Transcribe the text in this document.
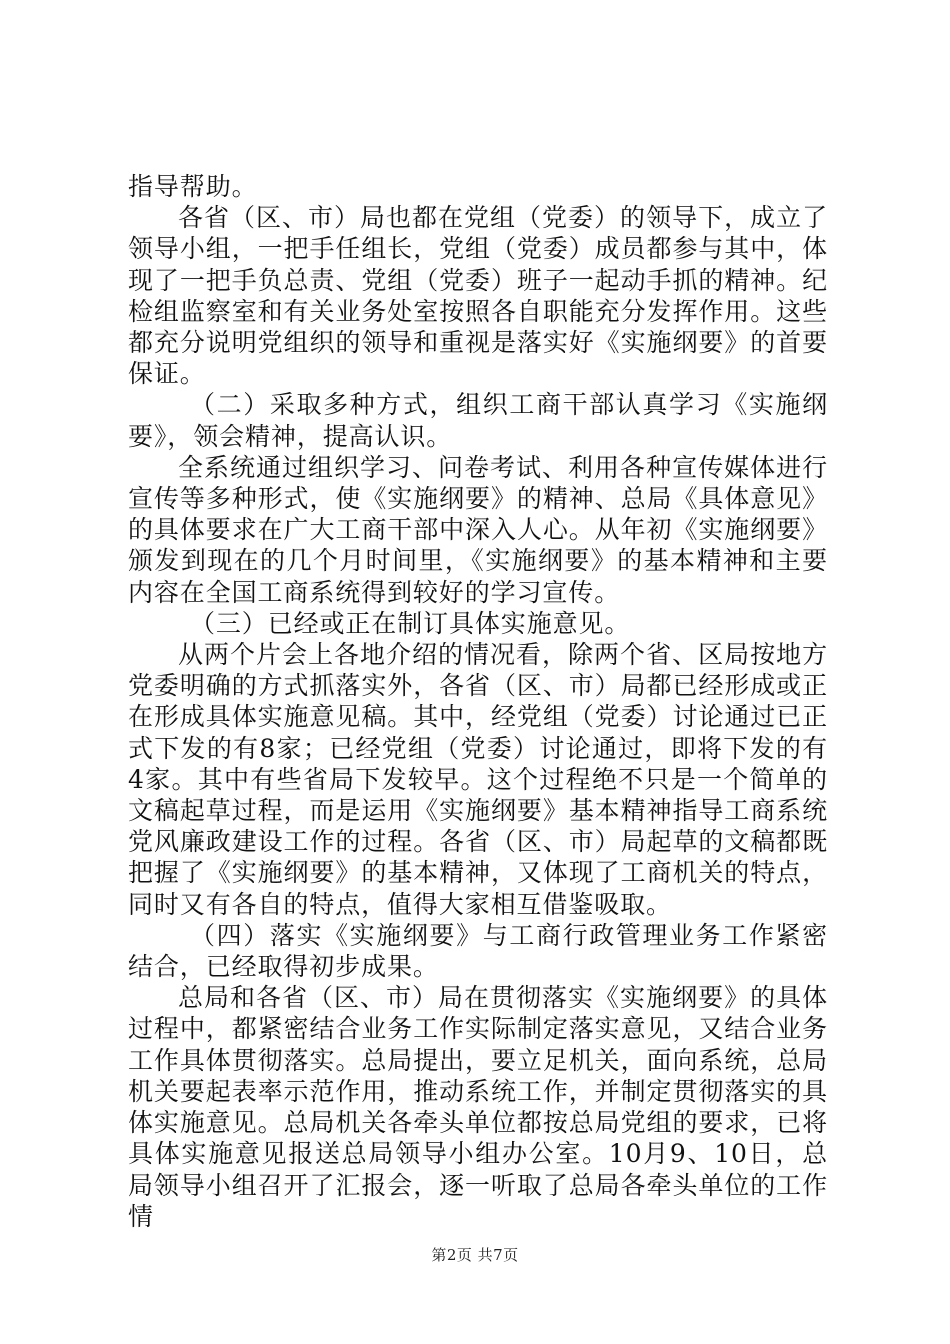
指导帮助。

各省（区、市）局也都在党组（党委）的领导下，成立了领导小组，一把手任组长，党组（党委）成员都参与其中，体现了一把手负总责、党组（党委）班子一起动手抓的精神。纪检组监察室和有关业务处室按照各自职能充分发挥作用。这些都充分说明党组织的领导和重视是落实好《实施纲要》的首要保证。

（二）采取多种方式，组织工商干部认真学习《实施纲要》，领会精神，提高认识。

全系统通过组织学习、问卷考试、利用各种宣传媒体进行宣传等多种形式，使《实施纲要》的精神、总局《具体意见》的具体要求在广大工商干部中深入人心。从年初《实施纲要》颁发到现在的几个月时间里，《实施纲要》的基本精神和主要内容在全国工商系统得到较好的学习宣传。

（三）已经或正在制订具体实施意见。

从两个片会上各地介绍的情况看，除两个省、区局按地方党委明确的方式抓落实外，各省（区、市）局都已经形成或正在形成具体实施意见稿。其中，经党组（党委）讨论通过已正式下发的有8家；已经党组（党委）讨论通过，即将下发的有4家。其中有些省局下发较早。这个过程绝不只是一个简单的文稿起草过程，而是运用《实施纲要》基本精神指导工商系统党风廉政建设工作的过程。各省（区、市）局起草的文稿都既把握了《实施纲要》的基本精神，又体现了工商机关的特点，同时又有各自的特点，值得大家相互借鉴吸取。

（四）落实《实施纲要》与工商行政管理业务工作紧密结合，已经取得初步成果。

总局和各省（区、市）局在贯彻落实《实施纲要》的具体过程中，都紧密结合业务工作实际制定落实意见，又结合业务工作具体贯彻落实。总局提出，要立足机关，面向系统，总局机关要起表率示范作用，推动系统工作，并制定贯彻落实的具体实施意见。总局机关各牵头单位都按总局党组的要求，已将具体实施意见报送总局领导小组办公室。10月9、10日，总局领导小组召开了汇报会，逐一听取了总局各牵头单位的工作情

第2页 共7页
